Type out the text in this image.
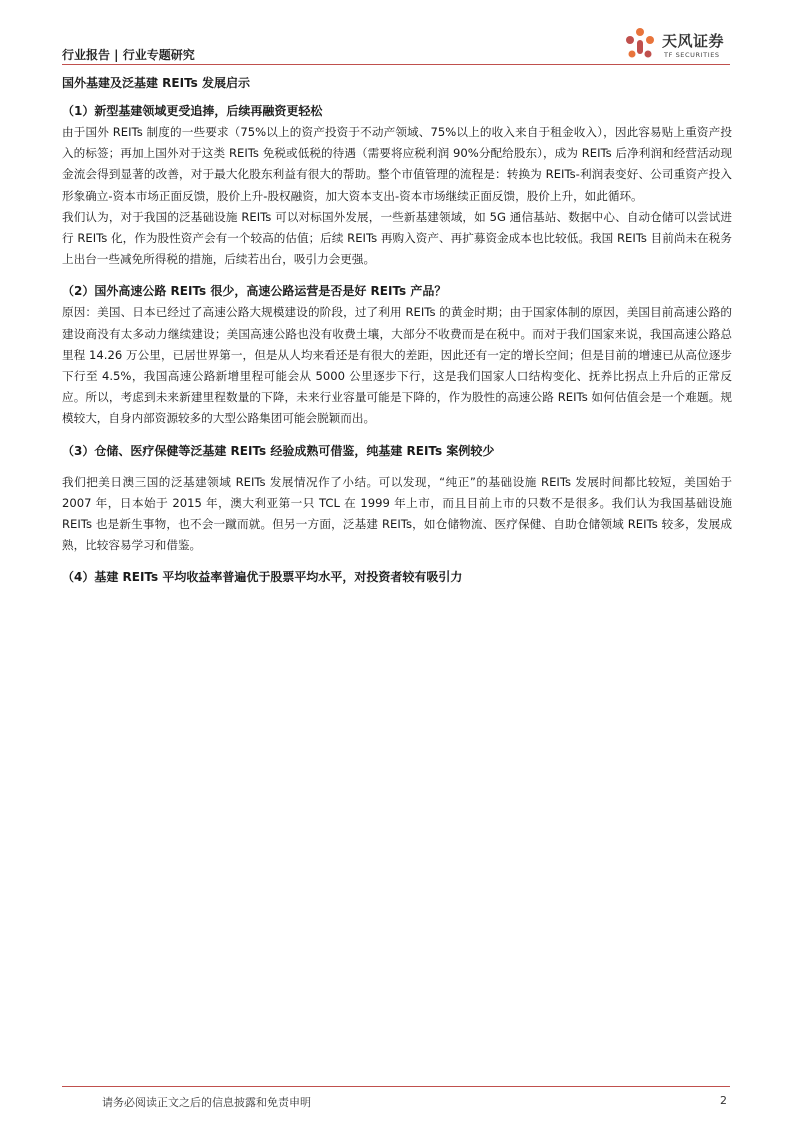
行业报告 | 行业专题研究
天风证券
TF SECURITIES
国外基建及泛基建 REITs 发展启示
（1）新型基建领域更受追捧，后续再融资更轻松

由于国外 REITs 制度的一些要求（75%以上的资产投资于不动产领域、75%以上的收入来自于租金收入），因此容易贴上重资产投入的标签；再加上国外对于这类 REITs 免税或低税的待遇（需要将应税利润 90%分配给股东），成为 REITs 后净利润和经营活动现金流会得到显著的改善，对于最大化股东利益有很大的帮助。整个市值管理的流程是：转换为 REITs-利润表变好、公司重资产投入形象确立-资本市场正面反馈，股价上升-股权融资，加大资本支出-资本市场继续正面反馈，股价上升，如此循环。

我们认为，对于我国的泛基础设施 REITs 可以对标国外发展，一些新基建领域，如 5G 通信基站、数据中心、自动仓储可以尝试进行 REITs 化，作为股性资产会有一个较高的估值；后续 REITs 再购入资产、再扩募资金成本也比较低。我国 REITs 目前尚未在税务上出台一些减免所得税的措施，后续若出台，吸引力会更强。

（2）国外高速公路 REITs 很少，高速公路运营是否是好 REITs 产品？

原因：美国、日本已经过了高速公路大规模建设的阶段，过了利用 REITs 的黄金时期；由于国家体制的原因，美国目前高速公路的建设商没有太多动力继续建设；美国高速公路也没有收费土壤，大部分不收费而是在税中。而对于我们国家来说，我国高速公路总里程 14.26 万公里，已居世界第一，但是从人均来看还是有很大的差距，因此还有一定的增长空间；但是目前的增速已从高位逐步下行至 4.5%，我国高速公路新增里程可能会从 5000 公里逐步下行，这是我们国家人口结构变化、抚养比拐点上升后的正常反应。所以，考虑到未来新建里程数量的下降，未来行业容量可能是下降的，作为股性的高速公路 REITs 如何估值会是一个难题。规模较大，自身内部资源较多的大型公路集团可能会脱颖而出。

（3）仓储、医疗保健等泛基建 REITs 经验成熟可借鉴，纯基建 REITs 案例较少

我们把美日澳三国的泛基建领域 REITs 发展情况作了小结。可以发现，“纯正”的基础设施 REITs 发展时间都比较短，美国始于 2007 年，日本始于 2015 年，澳大利亚第一只 TCL 在 1999 年上市，而且目前上市的只数不是很多。我们认为我国基础设施 REITs 也是新生事物，也不会一蹴而就。但另一方面，泛基建 REITs，如仓储物流、医疗保健、自助仓储领域 REITs 较多，发展成熟，比较容易学习和借鉴。

（4）基建 REITs 平均收益率普遍优于股票平均水平，对投资者较有吸引力
请务必阅读正文之后的信息披露和免责申明	2
